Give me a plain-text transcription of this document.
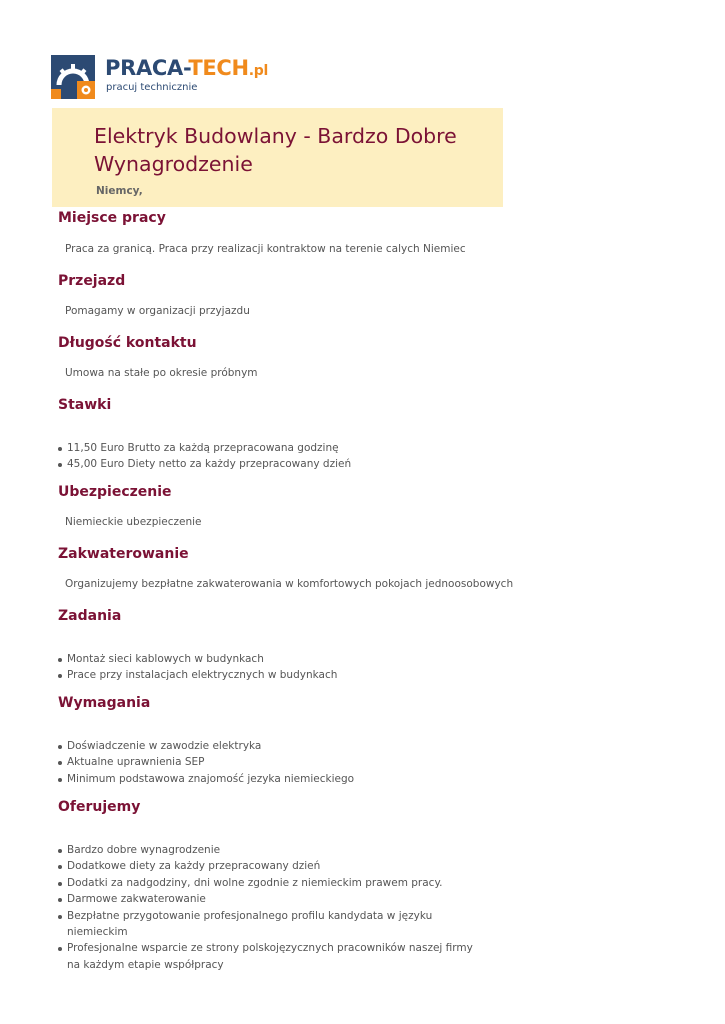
PRACA-TECH.pl
pracuj technicznie
Elektryk Budowlany - Bardzo Dobre Wynagrodzenie
Niemcy,
Miejsce pracy

Praca za granicą. Praca przy realizacji kontraktow na terenie calych Niemiec

Przejazd

Pomagamy w organizacji przyjazdu

Długość kontaktu

Umowa na stałe po okresie próbnym

Stawki
11,50 Euro Brutto za każdą przepracowana godzinę
45,00 Euro Diety netto za każdy przepracowany dzień
Ubezpieczenie

Niemieckie ubezpieczenie

Zakwaterowanie

Organizujemy bezpłatne zakwaterowania w komfortowych pokojach jednoosobowych

Zadania
Montaż sieci kablowych w budynkach
Prace przy instalacjach elektrycznych w budynkach
Wymagania
Doświadczenie w zawodzie elektryka
Aktualne uprawnienia SEP
Minimum podstawowa znajomość jezyka niemieckiego
Oferujemy
Bardzo dobre wynagrodzenie
Dodatkowe diety za każdy przepracowany dzień
Dodatki za nadgodziny, dni wolne zgodnie z niemieckim prawem pracy.
Darmowe zakwaterowanie
Bezpłatne przygotowanie profesjonalnego profilu kandydata w języku niemieckim
Profesjonalne wsparcie ze strony polskojęzycznych pracowników naszej firmy na każdym etapie współpracy
